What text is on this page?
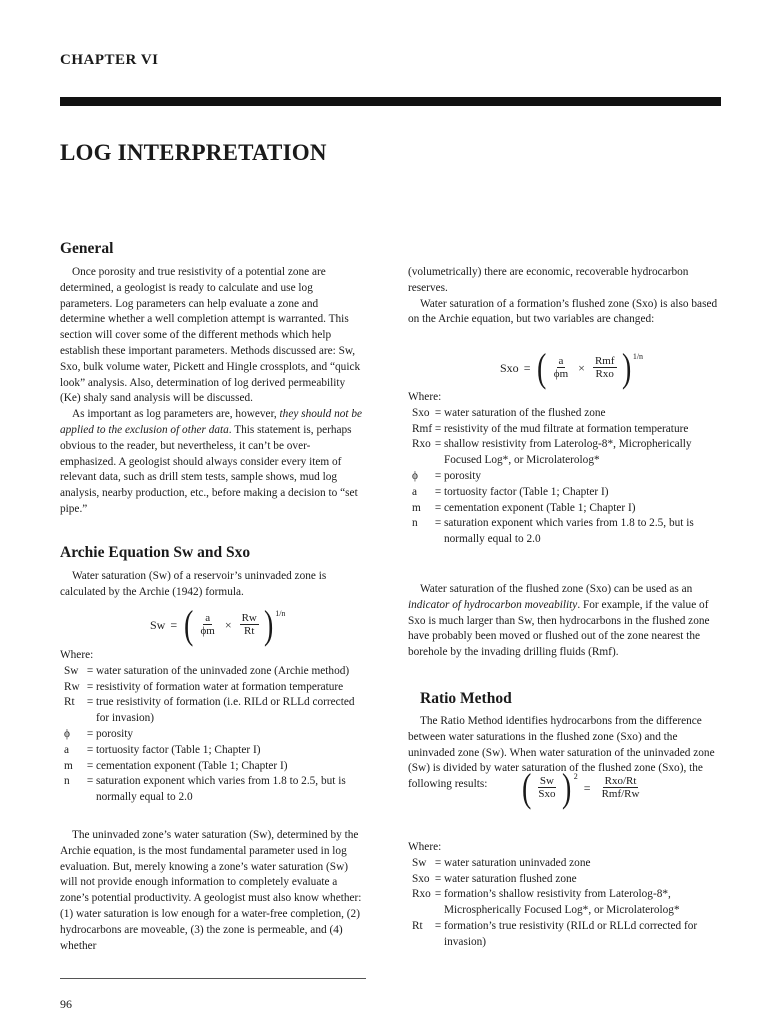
CHAPTER VI

LOG INTERPRETATION
General

Once porosity and true resistivity of a potential zone are determined, a geologist is ready to calculate and use log parameters. Log parameters can help evaluate a zone and determine whether a well completion attempt is warranted. This section will cover some of the different methods which help establish these important parameters. Methods discussed are: Sw, Sxo, bulk volume water, Pickett and Hingle crossplots, and “quick look” analysis. Also, determination of log derived permeability (Ke) shaly sand analysis will be discussed.

As important as log parameters are, however, they should not be applied to the exclusion of other data. This statement is, perhaps obvious to the reader, but nevertheless, it can’t be over-emphasized. A geologist should always consider every item of relevant data, such as drill stem tests, sample shows, mud log analysis, nearby production, etc., before making a decision to “set pipe.”

Archie Equation Sw and Sxo

Water saturation (Sw) of a reservoir’s uninvaded zone is calculated by the Archie (1942) formula.

Sw = ( $\frac{a}{\phi m} \times \frac{Rw}{Rt}$ ) 1/n

Where:

Sw = water saturation of the uninvaded zone (Archie method)
Rw = resistivity of formation water at formation temperature
Rt	= true resistivity of formation (i.e. RILd or RLLd corrected for invasion)
ϕ	= porosity
a	= tortuosity factor (Table 1; Chapter I)
m	= cementation exponent (Table 1; Chapter I)
n	= saturation exponent which varies from 1.8 to 2.5, but is normally equal to 2.0

The uninvaded zone’s water saturation (Sw), determined by the Archie equation, is the most fundamental parameter used in log evaluation. But, merely knowing a zone’s water saturation (Sw) will not provide enough information to completely evaluate a zone’s potential productivity. A geologist must also know whether: (1) water saturation is low enough for a water-free completion, (2) hydrocarbons are moveable, (3) the zone is permeable, and (4) whether

(volumetrically) there are economic, recoverable hydrocarbon reserves.

Water saturation of a formation’s flushed zone (Sxo) is also based on the Archie equation, but two variables are changed:

Sxo = ( $\frac{a}{\phi m} \times \frac{\text{Rmf}}{\text{Rxo}}$ ) 1/n

Where:

Sxo = water saturation of the flushed zone
Rmf = resistivity of the mud filtrate at formation temperature
Rxo = shallow resistivity from Laterolog-8*, Micropherically Focused Log*, or Microlaterolog*
ϕ	= porosity
a	= tortuosity factor (Table 1; Chapter I)
m	= cementation exponent (Table 1; Chapter I)
n	= saturation exponent which varies from 1.8 to 2.5, but is normally equal to 2.0

Water saturation of the flushed zone (Sxo) can be used as an indicator of hydrocarbon moveability. For example, if the value of Sxo is much larger than Sw, then hydrocarbons in the flushed zone have probably been moved or flushed out of the zone nearest the borehole by the invading drilling fluids (Rmf).

Ratio Method

The Ratio Method identifies hydrocarbons from the difference between water saturations in the flushed zone (Sxo) and the uninvaded zone (Sw). When water saturation of the uninvaded zone (Sw) is divided by water saturation of the flushed zone (Sxo), the following results: ( $\frac{Sw}{\text{Sxo}}$ ) 2
= $\frac{\text{Rxo/Rt}}{\text{Rmf/Rw}}$

Where:

Sw = water saturation uninvaded zone
Sxo = water saturation flushed zone
Rxo = formation’s shallow resistivity from Laterolog-8*, Microspherically Focused Log*, or Microlaterolog*
Rt	= formation’s true resistivity (RILd or RLLd corrected for invasion)

96
